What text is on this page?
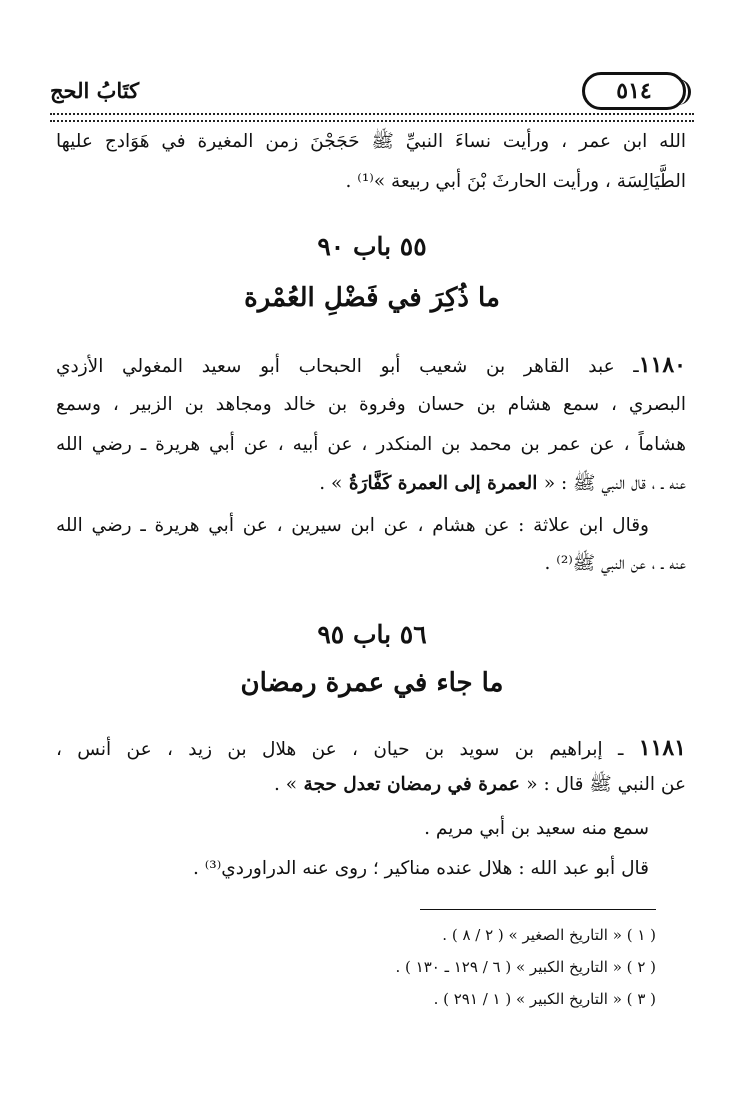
٥١٤
كتَابُ الحج
الله ابن عمر ، ورأيت نساءَ النبيِّ ﷺ حَجَجْنَ زمن المغيرة في هَوَادج عليها
الطَّيَالِسَة ، ورأيت الحارثَ بْنَ أبي ربيعة »⁽¹⁾ .
٥٥ باب ٩٠
ما ذُكِرَ في فَضْلِ العُمْرة
١١٨٠ـ عبد القاهر بن شعيب أبو الحبحاب أبو سعيد المغولي الأزدي
البصري ، سمع هشام بن حسان وفروة بن خالد ومجاهد بن الزبير ، وسمع
هشاماً ، عن عمر بن محمد بن المنكدر ، عن أبيه ، عن أبي هريرة ـ رضي الله
عنه ـ ، قال النبي ﷺ : « العمرة إلى العمرة كَفَّارَةُ » .
وقال ابن علاثة : عن هشام ، عن ابن سيرين ، عن أبي هريرة ـ رضي الله
عنه ـ ، عن النبي ﷺ⁽²⁾ .
٥٦ باب ٩٥
ما جاء في عمرة رمضان
١١٨١ ـ إبراهيم بن سويد بن حيان ، عن هلال بن زيد ، عن أنس ،
عن النبي ﷺ قال : « عمرة في رمضان تعدل حجة » .
سمع منه سعيد بن أبي مريم .
قال أبو عبد الله : هلال عنده مناكير ؛ روى عنه الدراوردي⁽³⁾ .
( ١ ) « التاريخ الصغير » ( ٢ / ٨ ) .
( ٢ ) « التاريخ الكبير » ( ٦ / ١٢٩ ـ ١٣٠ ) .
( ٣ ) « التاريخ الكبير » ( ١ / ٢٩١ ) .
